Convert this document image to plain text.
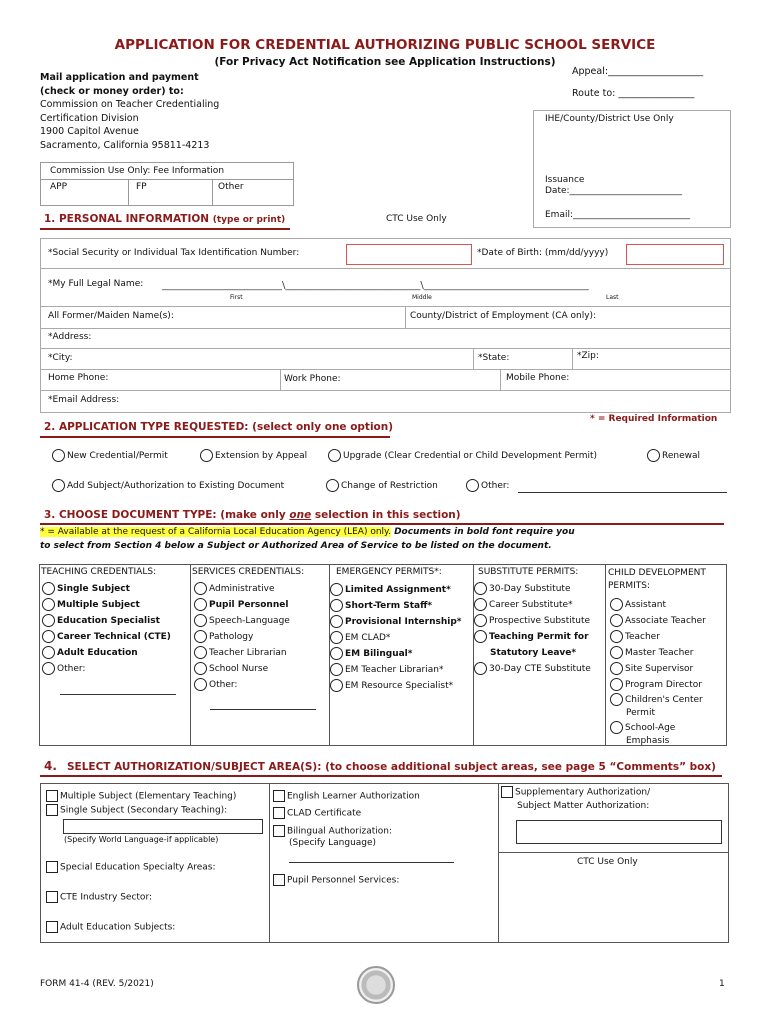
APPLICATION FOR CREDENTIAL AUTHORIZING PUBLIC SCHOOL SERVICE
(For Privacy Act Notification see Application Instructions)
Mail application and payment
(check or money order) to:
Commission on Teacher Credentialing
Certification Division
1900 Capitol Avenue
Sacramento, California 95811-4213
Appeal:____________________
Route to: ________________
IHE/County/District Use Only
Issuance
Date:_________________________
Email:__________________________
Commission Use Only: Fee Information
APP	FP	Other
1. PERSONAL INFORMATION (type or print)	CTC Use Only
*Social Security or Individual Tax Identification Number:	*Date of Birth: (mm/dd/yyyy)
*My Full Legal Name: ________________________\___________________________\_________________________________
First	Middle	Last
All Former/Maiden Name(s):	County/District of Employment (CA only):
*Address:
*City:	*State:	*Zip:
Home Phone:	Work Phone:	Mobile Phone:
*Email Address:
* = Required Information
2. APPLICATION TYPE REQUESTED: (select only one option)
New Credential/Permit	Extension by Appeal	Upgrade (Clear Credential or Child Development Permit)	Renewal
Add Subject/Authorization to Existing Document	Change of Restriction	Other:
3. CHOOSE DOCUMENT TYPE: (make only one selection in this section)
* = Available at the request of a California Local Education Agency (LEA) only. Documents in bold font require you
to select from Section 4 below a Subject or Authorized Area of Service to be listed on the document.
TEACHING CREDENTIALS:
Single Subject
Multiple Subject
Education Specialist
Career Technical (CTE)
Adult Education
Other:
SERVICES CREDENTIALS:
Administrative
Pupil Personnel
Speech-Language
Pathology
Teacher Librarian
School Nurse
Other:
EMERGENCY PERMITS*:
Limited Assignment*
Short-Term Staff*
Provisional Internship*
EM CLAD*
EM Bilingual*
EM Teacher Librarian*
EM Resource Specialist*
SUBSTITUTE PERMITS:
30-Day Substitute
Career Substitute*
Prospective Substitute
Teaching Permit for
Statutory Leave*
30-Day CTE Substitute
CHILD DEVELOPMENT
PERMITS:
Assistant
Associate Teacher
Teacher
Master Teacher
Site Supervisor
Program Director
Children's Center
Permit
School-Age
Emphasis
4. SELECT AUTHORIZATION/SUBJECT AREA(S): (to choose additional subject areas, see page 5 “Comments” box)
Multiple Subject (Elementary Teaching)
Single Subject (Secondary Teaching):
(Specify World Language-if applicable)
Special Education Specialty Areas:
CTE Industry Sector:
Adult Education Subjects:
English Learner Authorization
CLAD Certificate
Bilingual Authorization:
(Specify Language)
Pupil Personnel Services:
Supplementary Authorization/
Subject Matter Authorization:
CTC Use Only
FORM 41-4 (REV. 5/2021)	1
